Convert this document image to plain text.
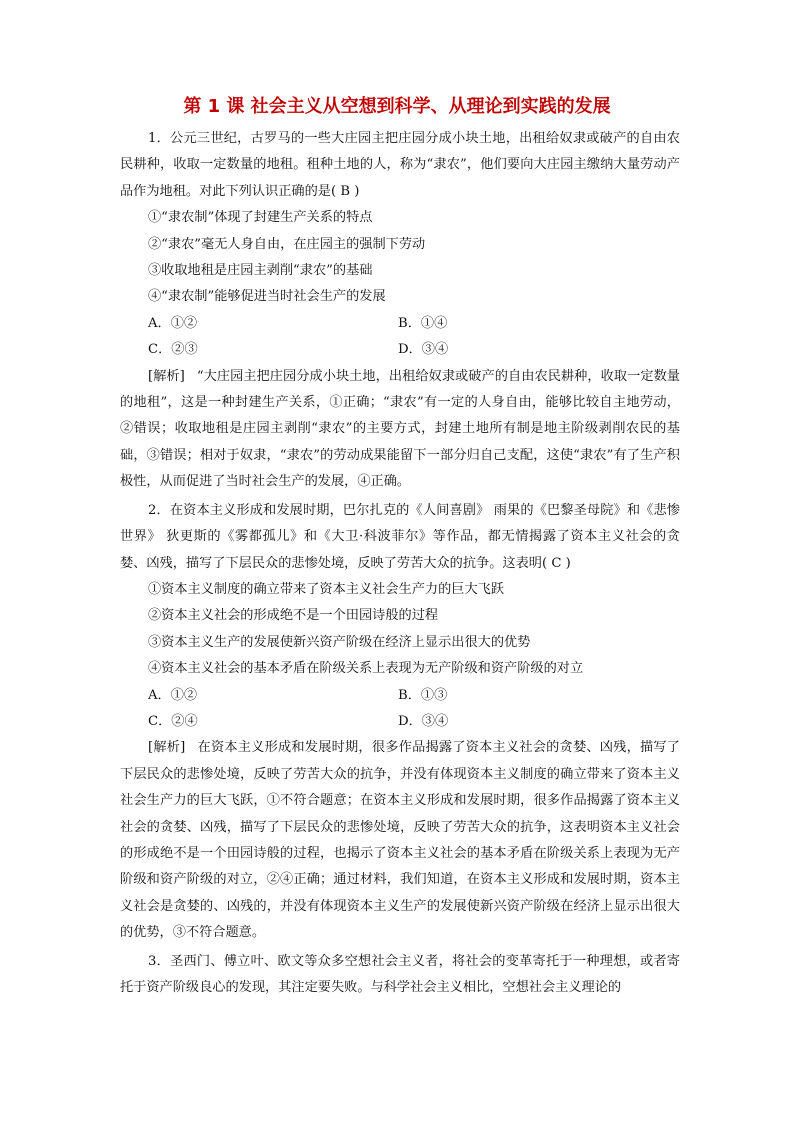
第 1 课 社会主义从空想到科学、从理论到实践的发展

1．公元三世纪，古罗马的一些大庄园主把庄园分成小块土地，出租给奴隶或破产的自由农民耕种，收取一定数量的地租。租种土地的人，称为“隶农”，他们要向大庄园主缴纳大量劳动产品作为地租。对此下列认识正确的是( B )

①“隶农制”体现了封建生产关系的特点

②“隶农”毫无人身自由，在庄园主的强制下劳动

③收取地租是庄园主剥削“隶农”的基础

④“隶农制”能够促进当时社会生产的发展

A．①②	B．①④
C．②③	D．③④

[解析] “大庄园主把庄园分成小块土地，出租给奴隶或破产的自由农民耕种，收取一定数量的地租”，这是一种封建生产关系，①正确；“隶农”有一定的人身自由，能够比较自主地劳动，②错误；收取地租是庄园主剥削“隶农”的主要方式，封建土地所有制是地主阶级剥削农民的基础，③错误；相对于奴隶，“隶农”的劳动成果能留下一部分归自己支配，这使“隶农”有了生产积极性，从而促进了当时社会生产的发展，④正确。

2．在资本主义形成和发展时期，巴尔扎克的《人间喜剧》 雨果的《巴黎圣母院》和《悲惨世界》 狄更斯的《雾都孤儿》和《大卫·科波菲尔》等作品，都无情揭露了资本主义社会的贪婪、凶残，描写了下层民众的悲惨处境，反映了劳苦大众的抗争。这表明( C )

①资本主义制度的确立带来了资本主义社会生产力的巨大飞跃

②资本主义社会的形成绝不是一个田园诗般的过程

③资本主义生产的发展使新兴资产阶级在经济上显示出很大的优势

④资本主义社会的基本矛盾在阶级关系上表现为无产阶级和资产阶级的对立

A．①②	B．①③
C．②④	D．③④

[解析] 在资本主义形成和发展时期，很多作品揭露了资本主义社会的贪婪、凶残，描写了下层民众的悲惨处境，反映了劳苦大众的抗争，并没有体现资本主义制度的确立带来了资本主义社会生产力的巨大飞跃，①不符合题意；在资本主义形成和发展时期，很多作品揭露了资本主义社会的贪婪、凶残，描写了下层民众的悲惨处境，反映了劳苦大众的抗争，这表明资本主义社会的形成绝不是一个田园诗般的过程，也揭示了资本主义社会的基本矛盾在阶级关系上表现为无产阶级和资产阶级的对立，②④正确；通过材料，我们知道，在资本主义形成和发展时期，资本主义社会是贪婪的、凶残的，并没有体现资本主义生产的发展使新兴资产阶级在经济上显示出很大的优势，③不符合题意。

3．圣西门、傅立叶、欧文等众多空想社会主义者，将社会的变革寄托于一种理想，或者寄托于资产阶级良心的发现，其注定要失败。与科学社会主义相比，空想社会主义理论的
